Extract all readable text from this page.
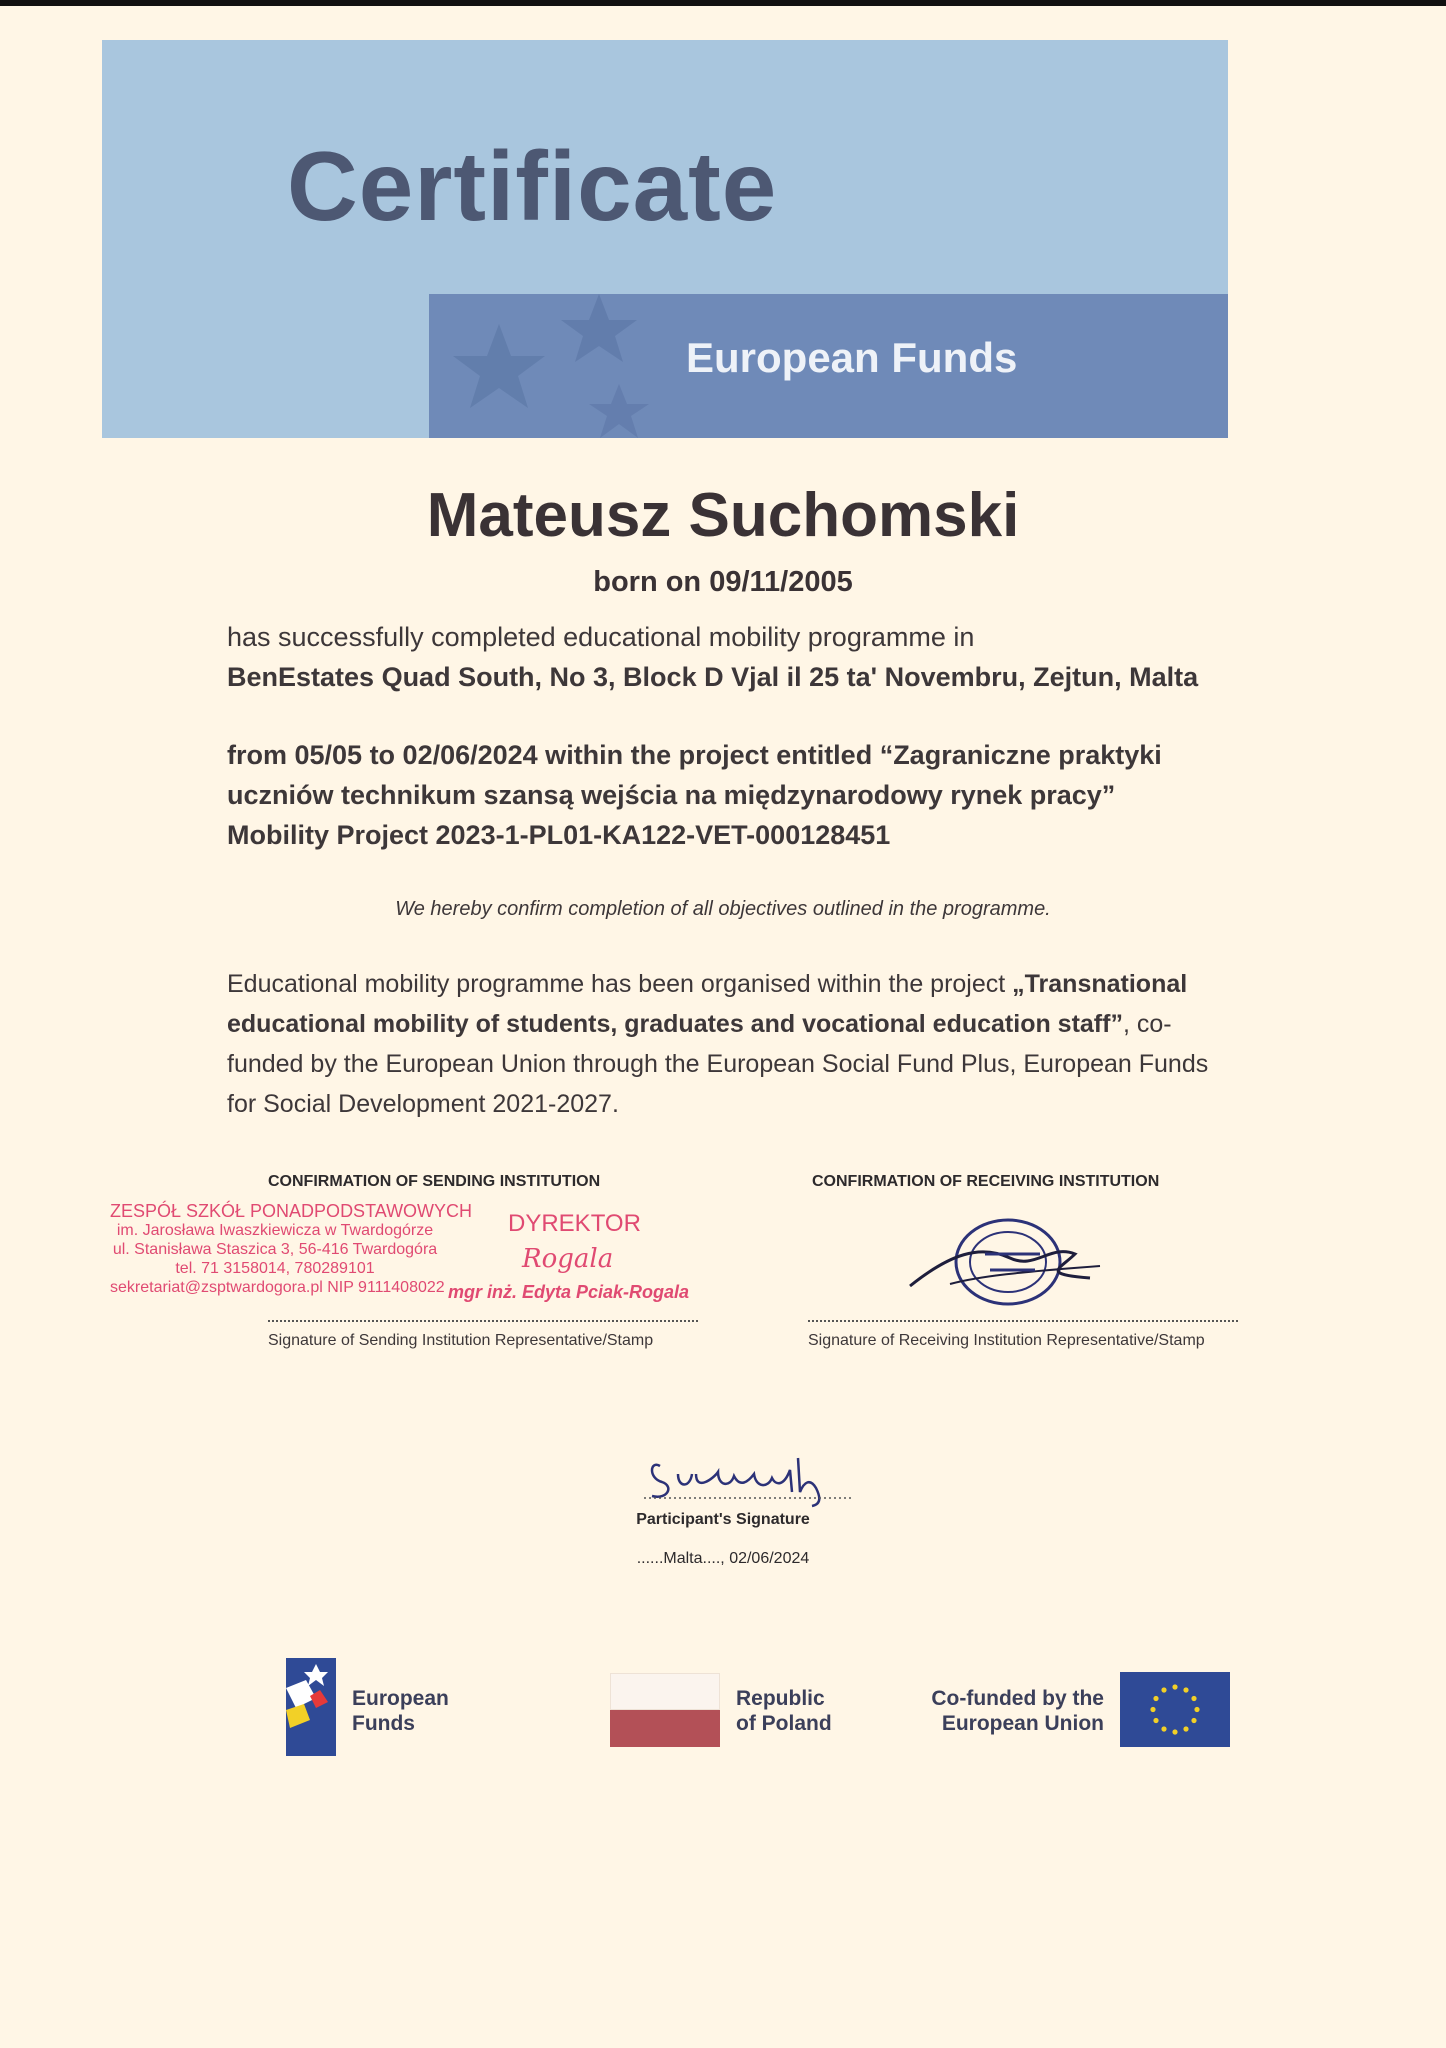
Certificate
European Funds
Mateusz Suchomski
born on 09/11/2005
has successfully completed educational mobility programme in
BenEstates Quad South, No 3, Block D Vjal il 25 ta' Novembru, Zejtun, Malta
from 05/05 to 02/06/2024 within the project entitled “Zagraniczne praktyki
uczniów technikum szansą wejścia na międzynarodowy rynek pracy”
Mobility Project 2023-1-PL01-KA122-VET-000128451
We hereby confirm completion of all objectives outlined in the programme.
Educational mobility programme has been organised within the project „Transnational educational mobility of students, graduates and vocational education staff”, co-funded by the European Union through the European Social Fund Plus, European Funds for Social Development 2021-2027.
CONFIRMATION OF SENDING INSTITUTION
ZESPÓŁ SZKÓŁ PONADPODSTAWOWYCH
im. Jarosława Iwaszkiewicza w Twardogórze
ul. Stanisława Staszica 3, 56-416 Twardogóra
tel. 71 3158014, 780289101
sekretariat@zsptwardogora.pl NIP 9111408022
DYREKTOR
Rogala
mgr inż. Edyta Pciak-Rogala
Signature of Sending Institution Representative/Stamp
CONFIRMATION OF RECEIVING INSTITUTION
Signature of Receiving Institution Representative/Stamp
Participant's Signature
......Malta...., 02/06/2024
European
Funds
Republic
of Poland
Co-funded by the
European Union
